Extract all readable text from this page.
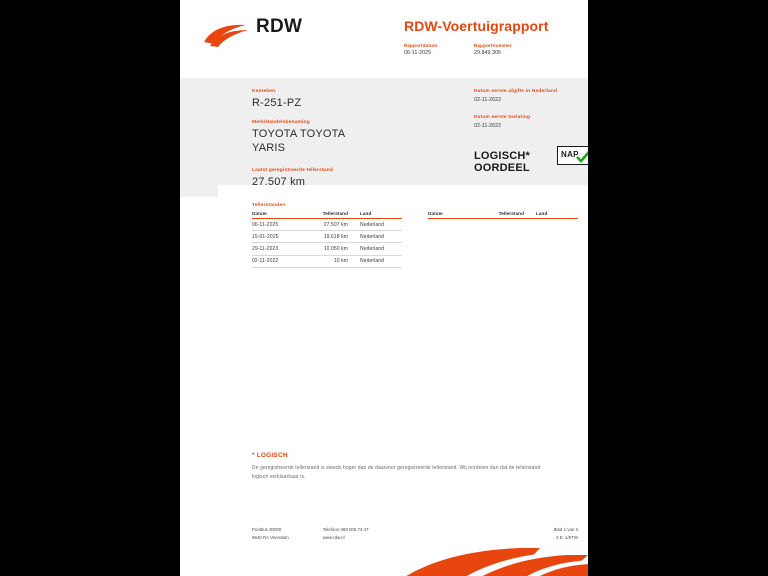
RDW	RDW-Voertuigrapport
Rapportdatum
06-11-2025
Rapportnummer
29.849.305
Kenteken
R-251-PZ
Merk/Handelsbenaming
TOYOTA TOYOTA
YARIS
Laatst geregistreerde tellerstand
27.507 km
Datum eerste afgifte in Nederland
02-11-2022
Datum eerste toelating
02-11-2022
LOGISCH*
OORDEEL
NAP
Tellerstanden
Datum	Tellerstand	Land
06-11-2025	27.507 km	Nederland
15-01-2025	19.618 km	Nederland
29-11-2023	10.050 km	Nederland
02-11-2022	10 km	Nederland
Datum	Tellerstand	Land
* LOGISCH
De geregistreerde tellerstand is steeds hoger dan de daarvoor geregistreerde tellerstand. Wij oordelen dan dat de tellerstand logisch verklaarbaar is.
Postbus 30000
9640 RA Veendam
Telefoon 088 008 74 47
www.rdw.nl
Blad 1 van 3
3 E. 1/6TW
